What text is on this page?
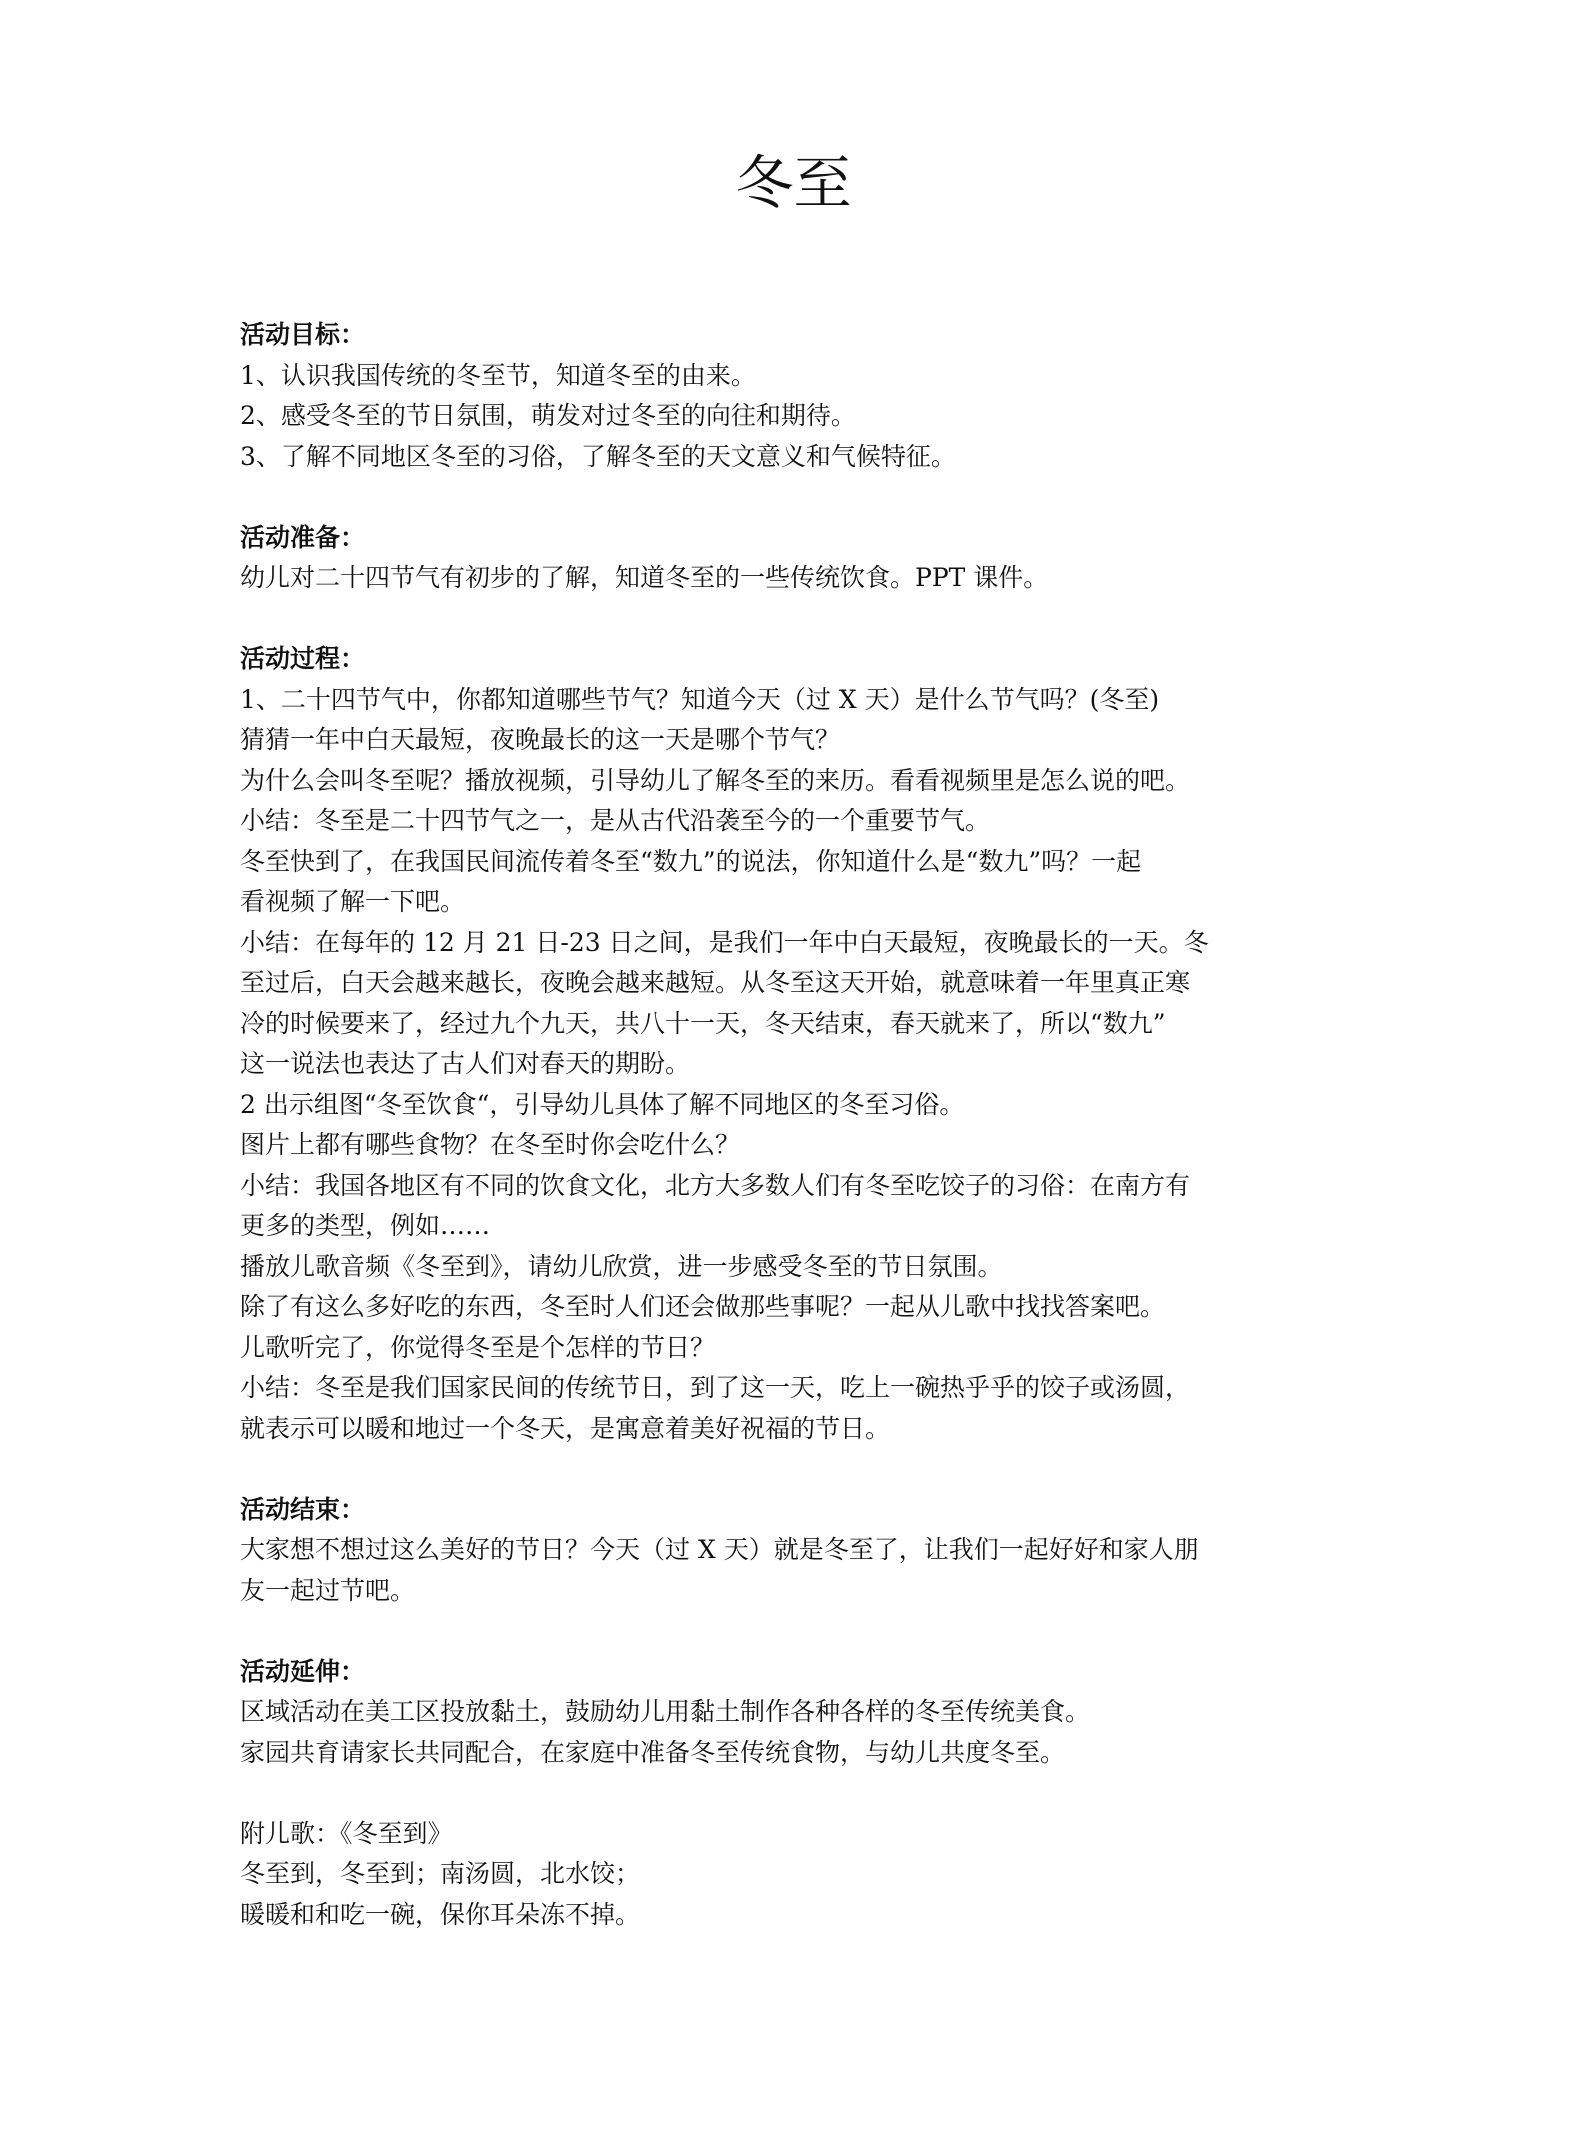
冬至

活动目标：

1、认识我国传统的冬至节，知道冬至的由来。

2、感受冬至的节日氛围，萌发对过冬至的向往和期待。

3、了解不同地区冬至的习俗，了解冬至的天文意义和气候特征。

活动准备：

幼儿对二十四节气有初步的了解，知道冬至的一些传统饮食。PPT 课件。

活动过程：

1、二十四节气中，你都知道哪些节气？知道今天（过 X 天）是什么节气吗？(冬至)

猜猜一年中白天最短，夜晚最长的这一天是哪个节气？

为什么会叫冬至呢？播放视频，引导幼儿了解冬至的来历。看看视频里是怎么说的吧。

小结：冬至是二十四节气之一，是从古代沿袭至今的一个重要节气。

冬至快到了，在我国民间流传着冬至“数九”的说法，你知道什么是“数九”吗？一起

看视频了解一下吧。

小结：在每年的 12 月 21 日-23 日之间，是我们一年中白天最短，夜晚最长的一天。冬

至过后，白天会越来越长，夜晚会越来越短。从冬至这天开始，就意味着一年里真正寒

冷的时候要来了，经过九个九天，共八十一天，冬天结束，春天就来了，所以“数九”

这一说法也表达了古人们对春天的期盼。

2 出示组图“冬至饮食“，引导幼儿具体了解不同地区的冬至习俗。

图片上都有哪些食物？在冬至时你会吃什么？

小结：我国各地区有不同的饮食文化，北方大多数人们有冬至吃饺子的习俗：在南方有

更多的类型，例如……

播放儿歌音频《冬至到》，请幼儿欣赏，进一步感受冬至的节日氛围。

除了有这么多好吃的东西，冬至时人们还会做那些事呢？一起从儿歌中找找答案吧。

儿歌听完了，你觉得冬至是个怎样的节日？

小结：冬至是我们国家民间的传统节日，到了这一天，吃上一碗热乎乎的饺子或汤圆，

就表示可以暖和地过一个冬天，是寓意着美好祝福的节日。

活动结束：

大家想不想过这么美好的节日？今天（过 X 天）就是冬至了，让我们一起好好和家人朋

友一起过节吧。

活动延伸：

区域活动在美工区投放黏土，鼓励幼儿用黏土制作各种各样的冬至传统美食。

家园共育请家长共同配合，在家庭中准备冬至传统食物，与幼儿共度冬至。

附儿歌：《冬至到》

冬至到，冬至到；南汤圆，北水饺；

暖暖和和吃一碗，保你耳朵冻不掉。
